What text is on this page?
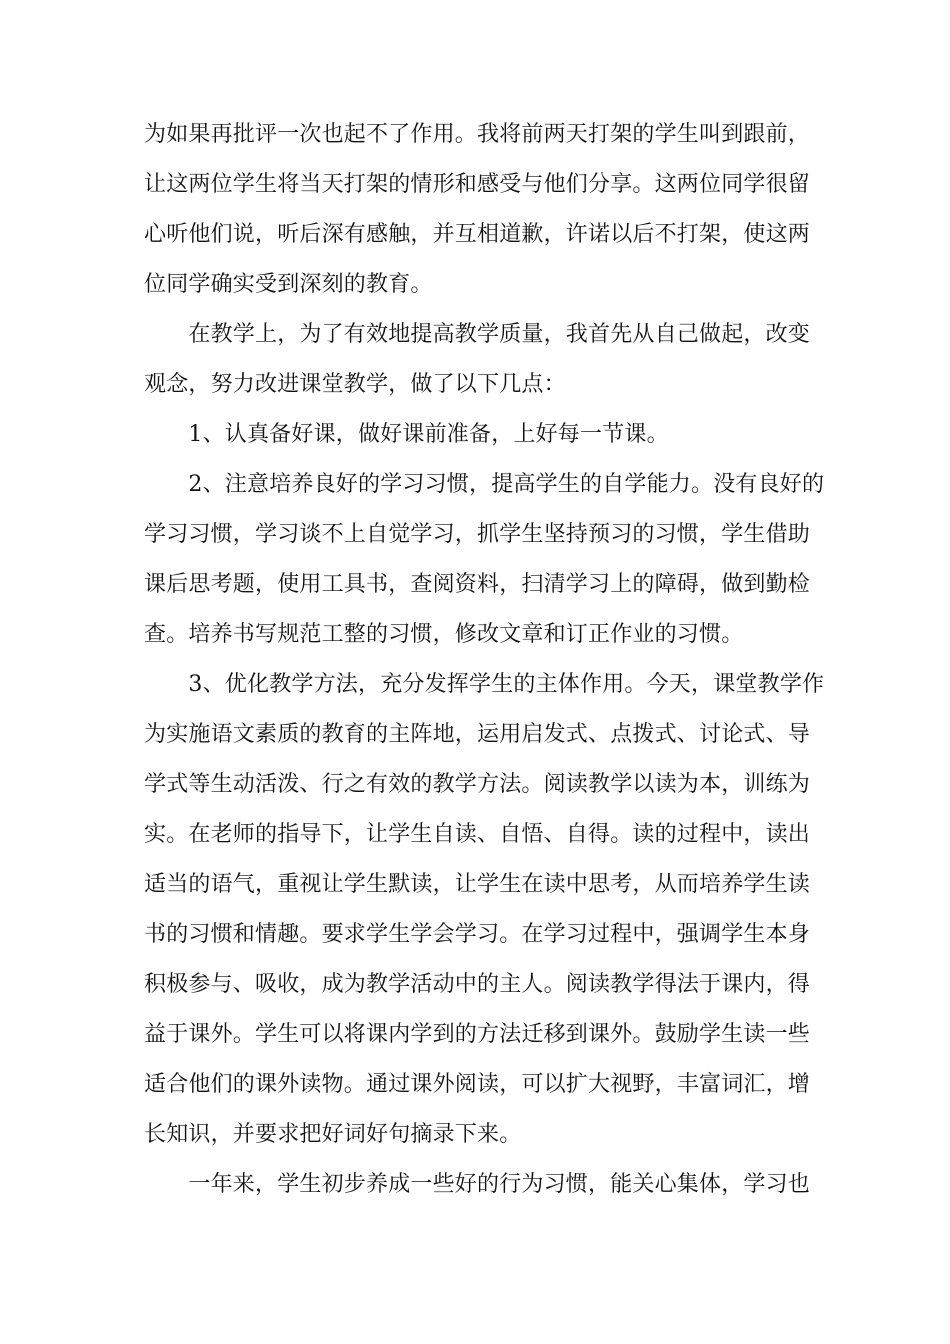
为如果再批评一次也起不了作用。我将前两天打架的学生叫到跟前，
让这两位学生将当天打架的情形和感受与他们分享。这两位同学很留
心听他们说，听后深有感触，并互相道歉，许诺以后不打架，使这两
位同学确实受到深刻的教育。
　　在教学上，为了有效地提高教学质量，我首先从自己做起，改变
观念，努力改进课堂教学，做了以下几点：
　　1、认真备好课，做好课前准备，上好每一节课。
　　2、注意培养良好的学习习惯，提高学生的自学能力。没有良好的
学习习惯，学习谈不上自觉学习，抓学生坚持预习的习惯，学生借助
课后思考题，使用工具书，查阅资料，扫清学习上的障碍，做到勤检
查。培养书写规范工整的习惯，修改文章和订正作业的习惯。
　　3、优化教学方法，充分发挥学生的主体作用。今天，课堂教学作
为实施语文素质的教育的主阵地，运用启发式、点拨式、讨论式、导
学式等生动活泼、行之有效的教学方法。阅读教学以读为本，训练为
实。在老师的指导下，让学生自读、自悟、自得。读的过程中，读出
适当的语气，重视让学生默读，让学生在读中思考，从而培养学生读
书的习惯和情趣。要求学生学会学习。在学习过程中，强调学生本身
积极参与、吸收，成为教学活动中的主人。阅读教学得法于课内，得
益于课外。学生可以将课内学到的方法迁移到课外。鼓励学生读一些
适合他们的课外读物。通过课外阅读，可以扩大视野，丰富词汇，增
长知识，并要求把好词好句摘录下来。
　　一年来，学生初步养成一些好的行为习惯，能关心集体，学习也
